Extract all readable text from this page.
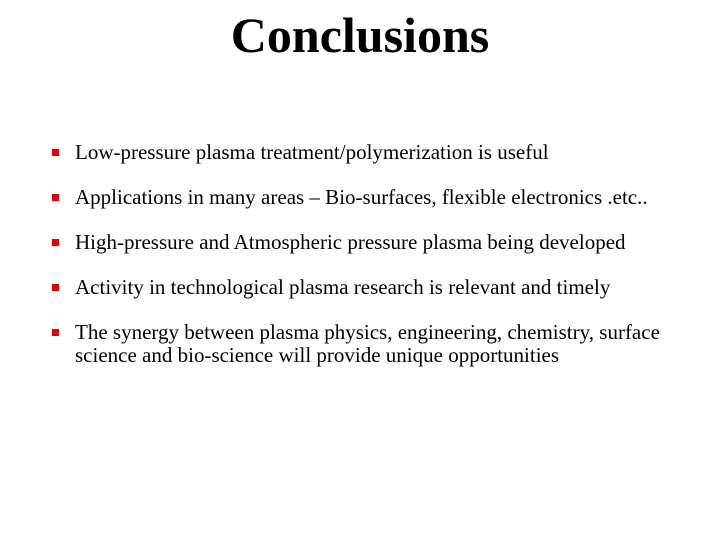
Conclusions
Low-pressure plasma treatment/polymerization is useful
Applications in many areas – Bio-surfaces, flexible electronics .etc..
High-pressure and Atmospheric pressure plasma being developed
Activity in technological plasma research is relevant and timely
The synergy between plasma physics, engineering, chemistry, surface science and bio-science will provide unique opportunities
